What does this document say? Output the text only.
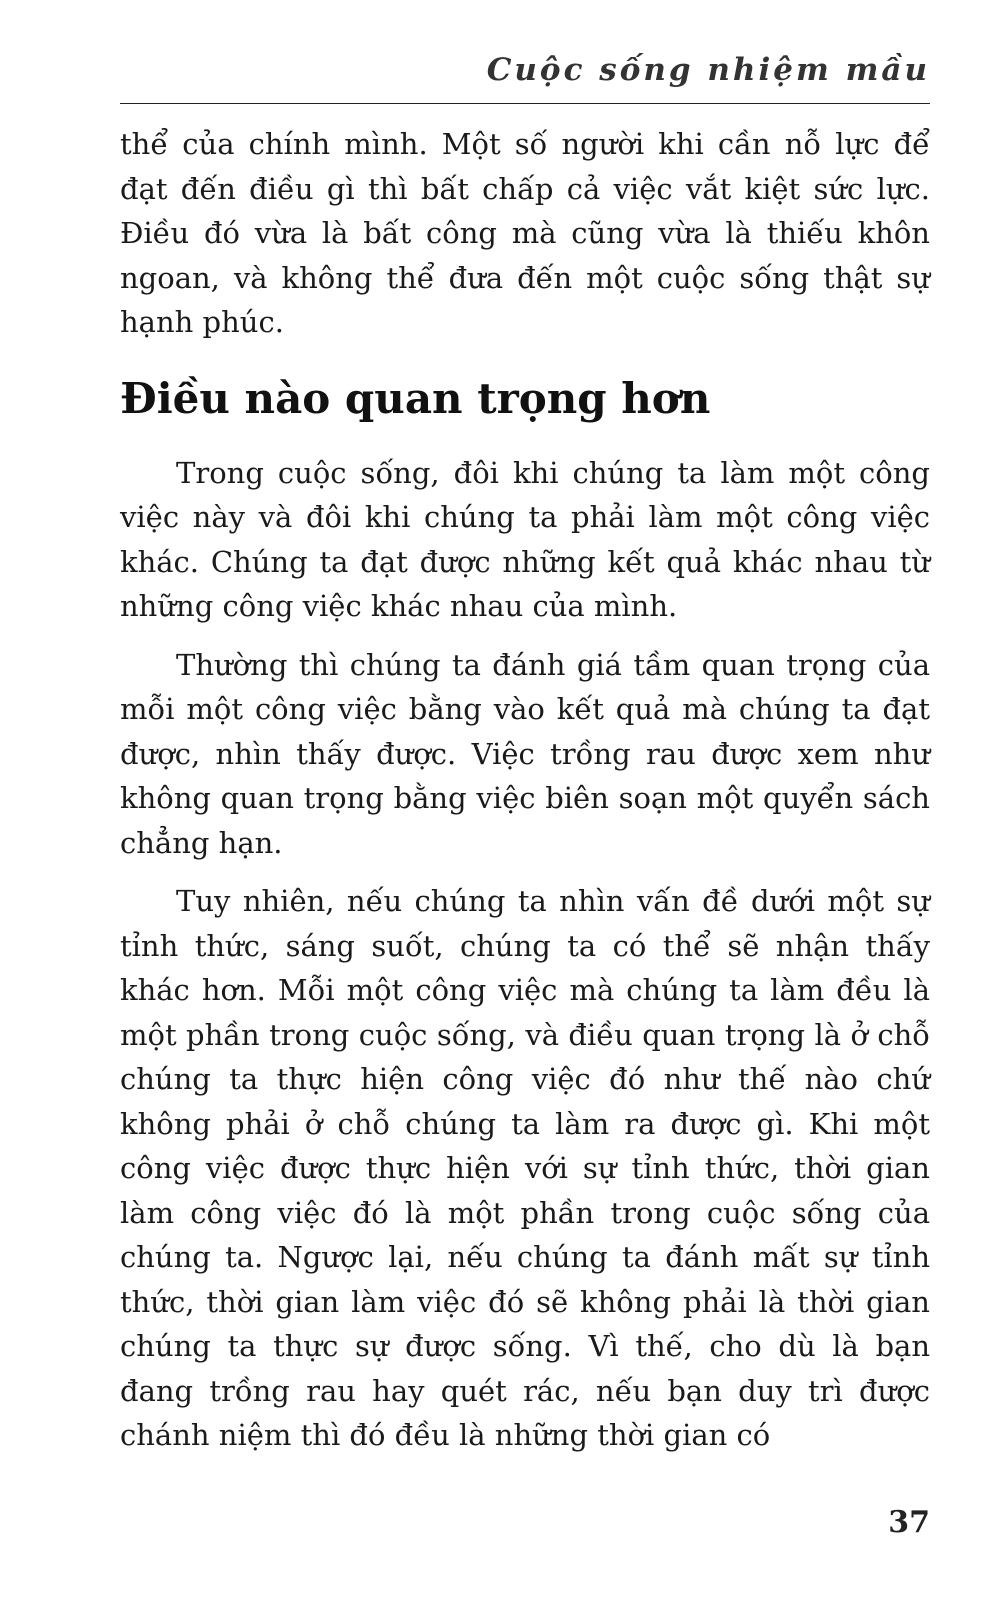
Cuộc sống nhiệm mầu

thể của chính mình. Một số người khi cần nỗ lực để đạt đến điều gì thì bất chấp cả việc vắt kiệt sức lực. Điều đó vừa là bất công mà cũng vừa là thiếu khôn ngoan, và không thể đưa đến một cuộc sống thật sự hạnh phúc.

Điều nào quan trọng hơn

Trong cuộc sống, đôi khi chúng ta làm một công việc này và đôi khi chúng ta phải làm một công việc khác. Chúng ta đạt được những kết quả khác nhau từ những công việc khác nhau của mình.

Thường thì chúng ta đánh giá tầm quan trọng của mỗi một công việc bằng vào kết quả mà chúng ta đạt được, nhìn thấy được. Việc trồng rau được xem như không quan trọng bằng việc biên soạn một quyển sách chẳng hạn.

Tuy nhiên, nếu chúng ta nhìn vấn đề dưới một sự tỉnh thức, sáng suốt, chúng ta có thể sẽ nhận thấy khác hơn. Mỗi một công việc mà chúng ta làm đều là một phần trong cuộc sống, và điều quan trọng là ở chỗ chúng ta thực hiện công việc đó như thế nào chứ không phải ở chỗ chúng ta làm ra được gì. Khi một công việc được thực hiện với sự tỉnh thức, thời gian làm công việc đó là một phần trong cuộc sống của chúng ta. Ngược lại, nếu chúng ta đánh mất sự tỉnh thức, thời gian làm việc đó sẽ không phải là thời gian chúng ta thực sự được sống. Vì thế, cho dù là bạn đang trồng rau hay quét rác, nếu bạn duy trì được chánh niệm thì đó đều là những thời gian có

37
